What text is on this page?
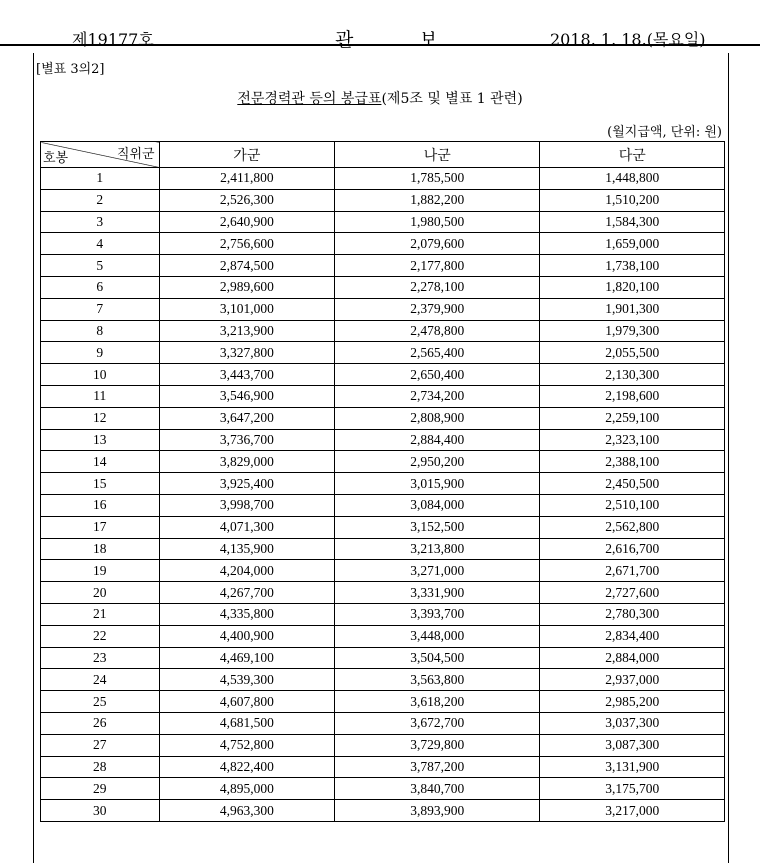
제19177호	관보	2018. 1. 18.(목요일)
[별표 3의2]
전문경력관 등의 봉급표(제5조 및 별표 1 관련)
(월지급액, 단위: 원)
직위군
호봉	가군	나군	다군
1	2,411,800	1,785,500	1,448,800
2	2,526,300	1,882,200	1,510,200
3	2,640,900	1,980,500	1,584,300
4	2,756,600	2,079,600	1,659,000
5	2,874,500	2,177,800	1,738,100
6	2,989,600	2,278,100	1,820,100
7	3,101,000	2,379,900	1,901,300
8	3,213,900	2,478,800	1,979,300
9	3,327,800	2,565,400	2,055,500
10	3,443,700	2,650,400	2,130,300
11	3,546,900	2,734,200	2,198,600
12	3,647,200	2,808,900	2,259,100
13	3,736,700	2,884,400	2,323,100
14	3,829,000	2,950,200	2,388,100
15	3,925,400	3,015,900	2,450,500
16	3,998,700	3,084,000	2,510,100
17	4,071,300	3,152,500	2,562,800
18	4,135,900	3,213,800	2,616,700
19	4,204,000	3,271,000	2,671,700
20	4,267,700	3,331,900	2,727,600
21	4,335,800	3,393,700	2,780,300
22	4,400,900	3,448,000	2,834,400
23	4,469,100	3,504,500	2,884,000
24	4,539,300	3,563,800	2,937,000
25	4,607,800	3,618,200	2,985,200
26	4,681,500	3,672,700	3,037,300
27	4,752,800	3,729,800	3,087,300
28	4,822,400	3,787,200	3,131,900
29	4,895,000	3,840,700	3,175,700
30	4,963,300	3,893,900	3,217,000
